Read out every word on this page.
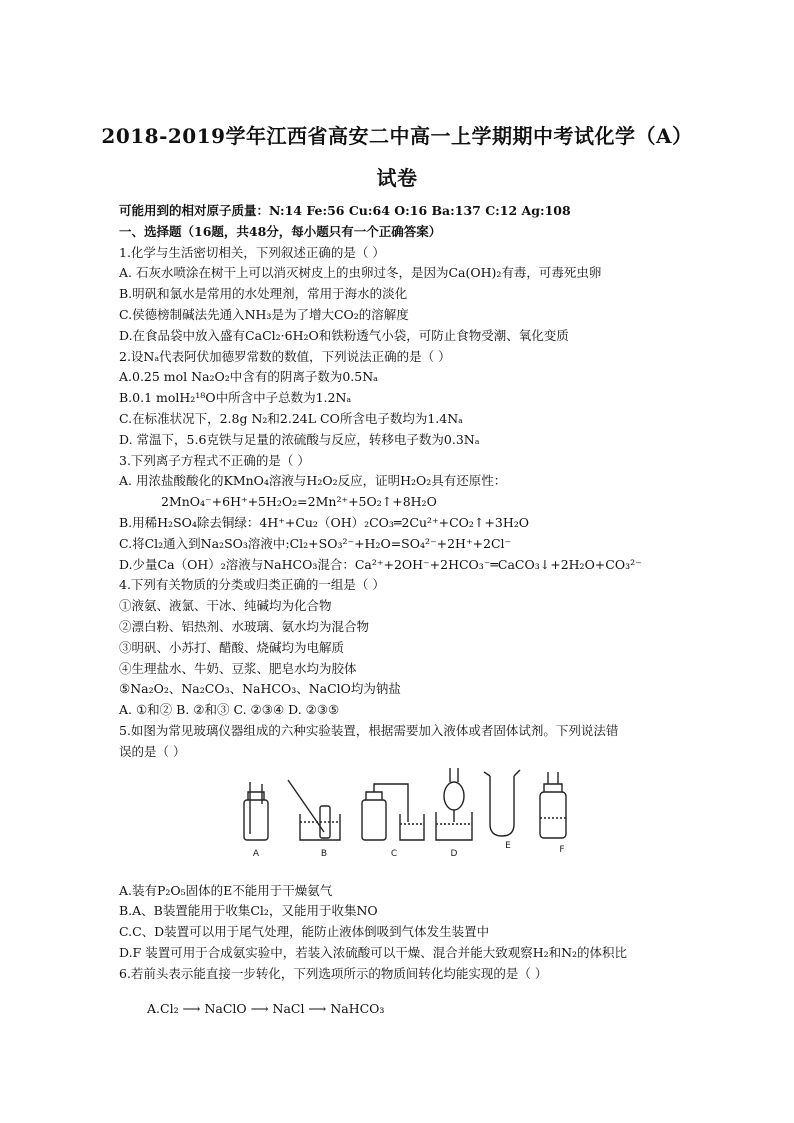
2018-2019学年江西省高安二中高一上学期期中考试化学（A）
试卷
可能用到的相对原子质量：N:14 Fe:56 Cu:64 O:16 Ba:137 C:12 Ag:108
一、选择题（16题，共48分，每小题只有一个正确答案）
1.化学与生活密切相关，下列叙述正确的是（ ）
A. 石灰水喷涂在树干上可以消灭树皮上的虫卵过冬，是因为Ca(OH)₂有毒，可毒死虫卵
B.明矾和氯水是常用的水处理剂，常用于海水的淡化
C.侯德榜制碱法先通入NH₃是为了增大CO₂的溶解度
D.在食品袋中放入盛有CaCl₂·6H₂O和铁粉透气小袋，可防止食物受潮、氧化变质
2.设Nₐ代表阿伏加德罗常数的数值，下列说法正确的是（ ）
A.0.25 mol Na₂O₂中含有的阴离子数为0.5Nₐ
B.0.1 molH₂¹⁸O中所含中子总数为1.2Nₐ
C.在标准状况下，2.8g N₂和2.24L CO所含电子数均为1.4Nₐ
D. 常温下，5.6克铁与足量的浓硫酸与反应，转移电子数为0.3Nₐ
3.下列离子方程式不正确的是（ ）
A. 用浓盐酸酸化的KMnO₄溶液与H₂O₂反应，证明H₂O₂具有还原性：
2MnO₄⁻+6H⁺+5H₂O₂=2Mn²⁺+5O₂↑+8H₂O
B.用稀H₂SO₄除去铜绿：4H⁺+Cu₂（OH）₂CO₃═2Cu²⁺+CO₂↑+3H₂O
C.将Cl₂通入到Na₂SO₃溶液中:Cl₂+SO₃²⁻+H₂O=SO₄²⁻+2H⁺+2Cl⁻
D.少量Ca（OH）₂溶液与NaHCO₃混合：Ca²⁺+2OH⁻+2HCO₃⁻═CaCO₃↓+2H₂O+CO₃²⁻
4.下列有关物质的分类或归类正确的一组是（ ）
①液氨、液氯、干冰、纯碱均为化合物
②漂白粉、铝热剂、水玻璃、氨水均为混合物
③明矾、小苏打、醋酸、烧碱均为电解质
④生理盐水、牛奶、豆浆、肥皂水均为胶体
⑤Na₂O₂、Na₂CO₃、NaHCO₃、NaClO均为钠盐
A. ①和② B. ②和③ C. ②③④ D. ②③⑤
5.如图为常见玻璃仪器组成的六种实验装置，根据需要加入液体或者固体试剂。下列说法错
误的是（ ）
A.装有P₂O₅固体的E不能用于干燥氨气
B.A、B装置能用于收集Cl₂，又能用于收集NO
C.C、D装置可以用于尾气处理，能防止液体倒吸到气体发生装置中
D.F 装置可用于合成氨实验中，若装入浓硫酸可以干燥、混合并能大致观察H₂和N₂的体积比
6.若前头表示能直接一步转化，下列选项所示的物质间转化均能实现的是（ ）
A.Cl₂ ⟶ NaClO ⟶ NaCl ⟶ NaHCO₃
A	B	C	D
E	F
